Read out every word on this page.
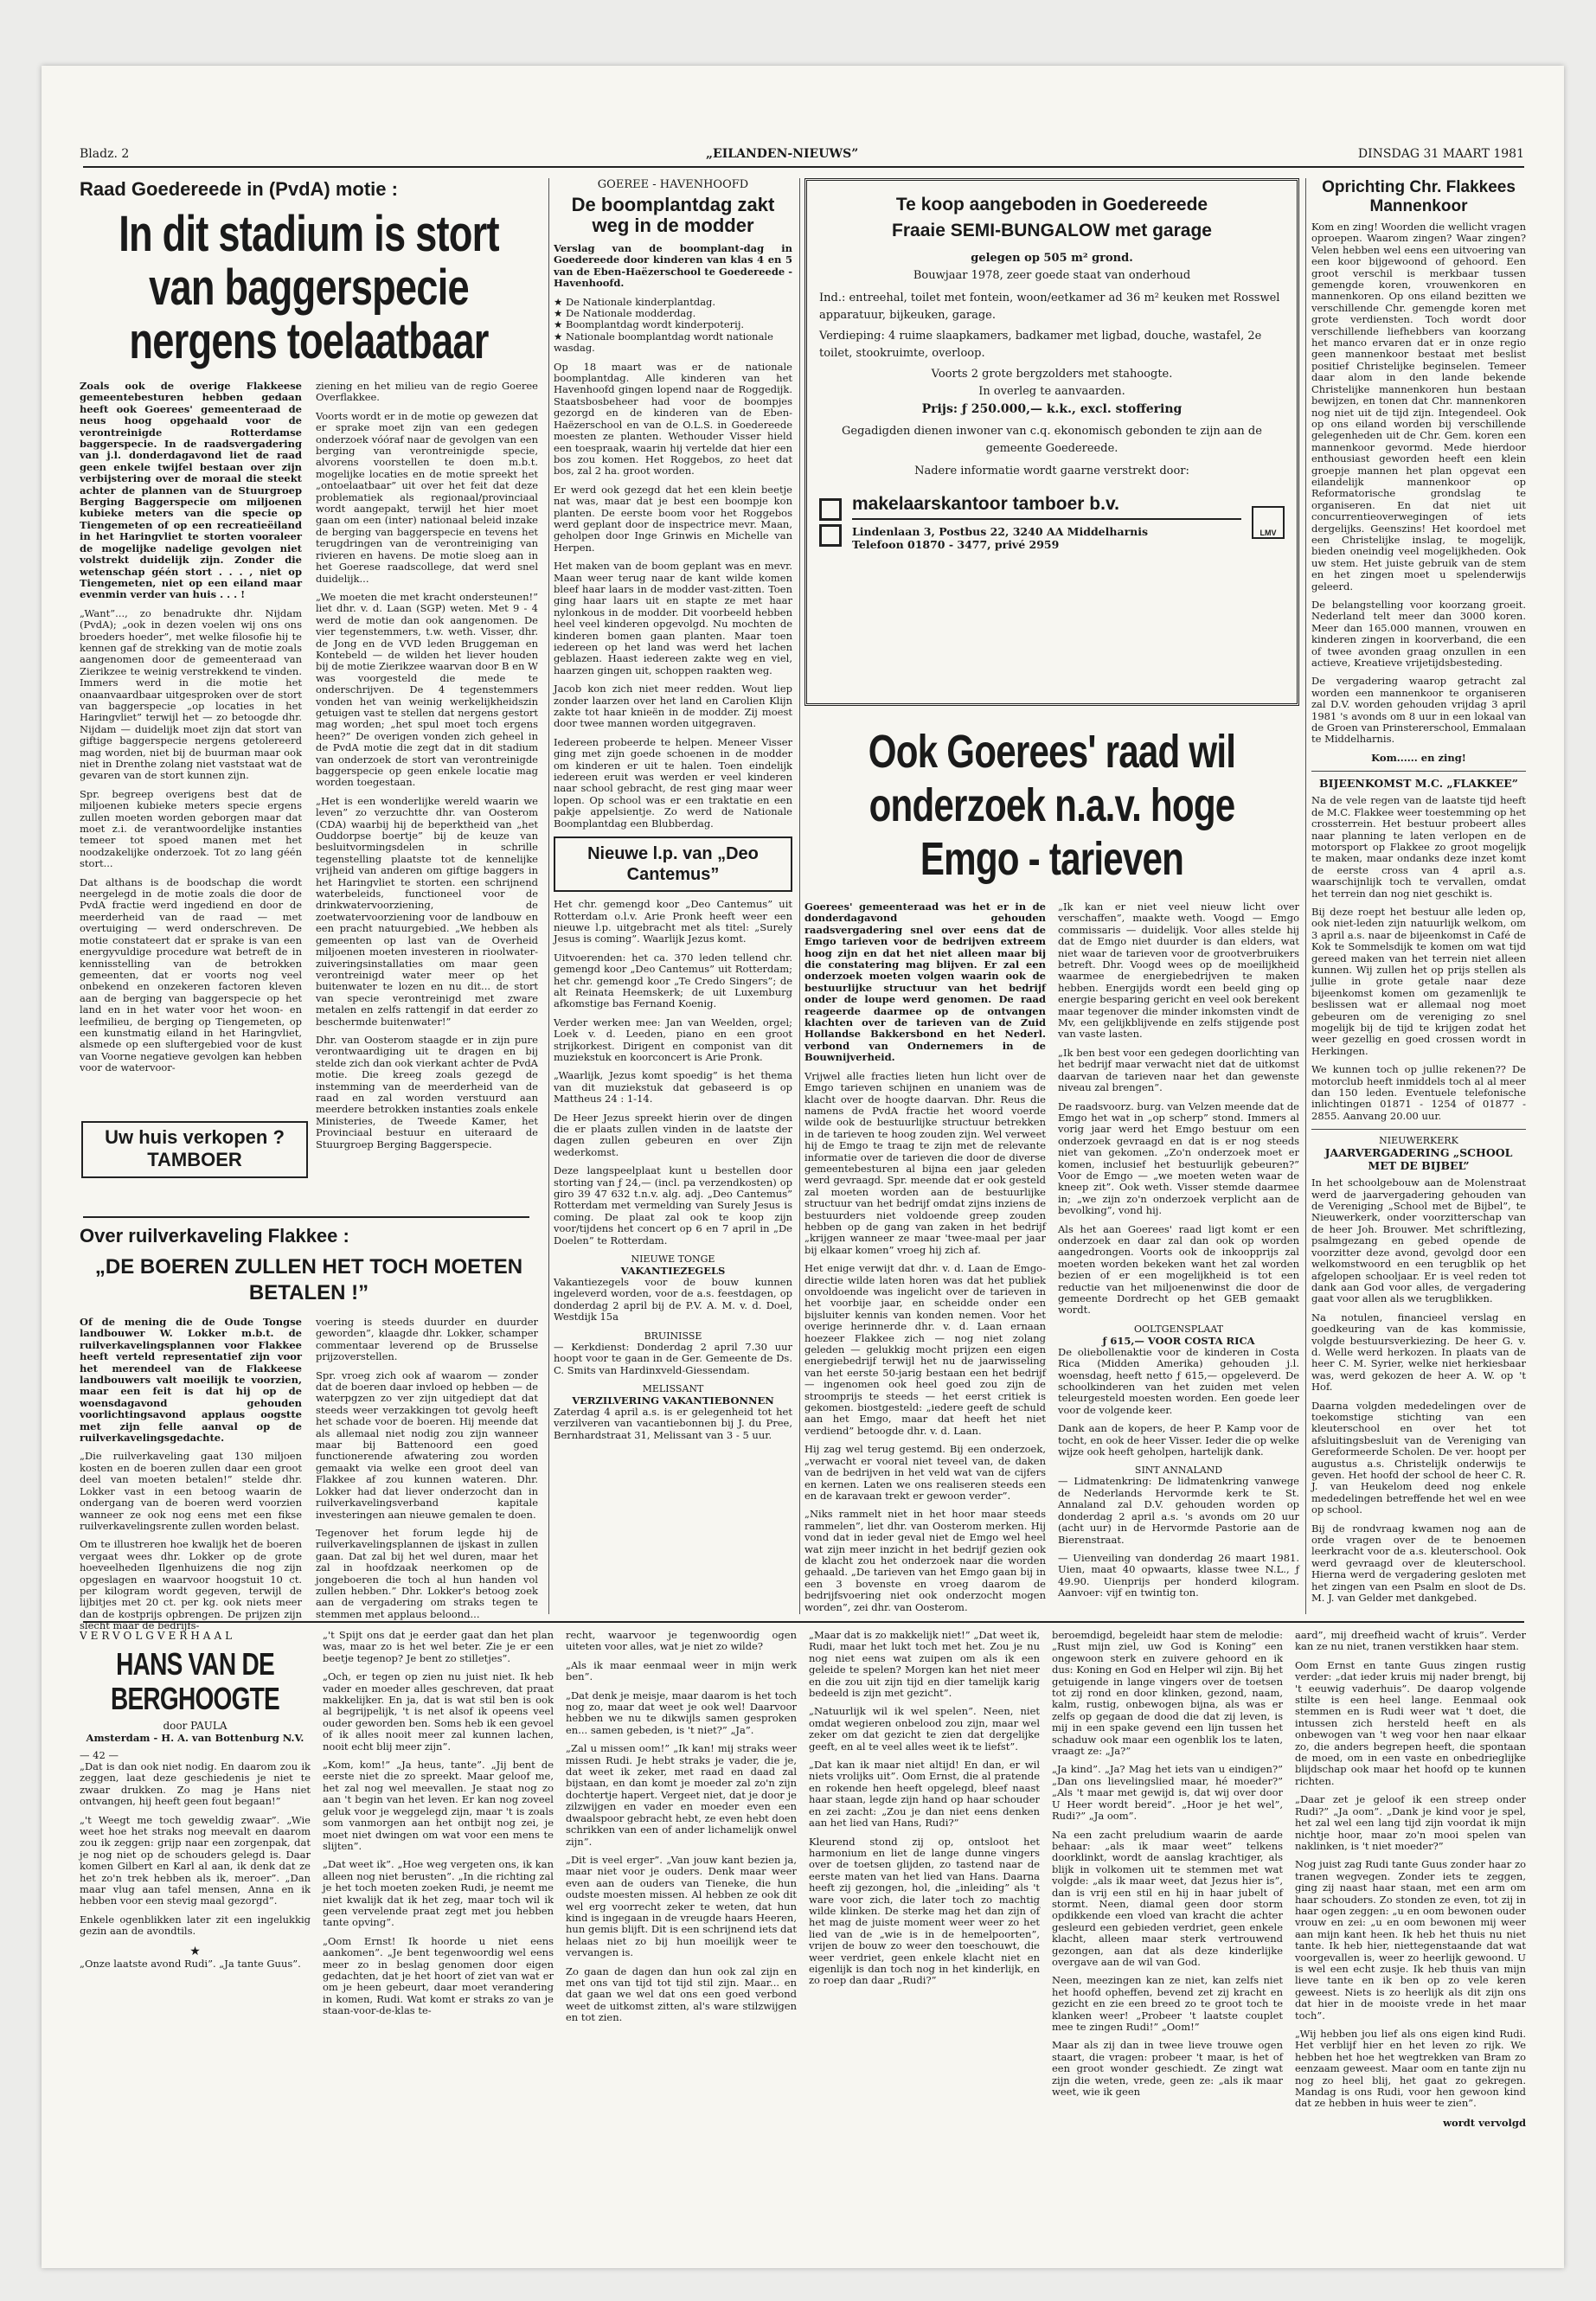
Bladz. 2	„EILANDEN-NIEUWS”	DINSDAG 31 MAART 1981
Raad Goedereede in (PvdA) motie :
In dit stadium is stort van baggerspecie nergens toelaatbaar

Zoals ook de overige Flakkeese gemeentebesturen hebben gedaan heeft ook Goerees' gemeenteraad de neus hoog opgehaald voor de verontreinigde Rotterdamse baggerspecie. In de raadsvergadering van j.l. donderdagavond liet de raad geen enkele twijfel bestaan over zijn verbijstering over de moraal die steekt achter de plannen van de Stuurgroep Berging Baggerspecie om miljoenen kubieke meters van die specie op Tiengemeten of op een recreatieëiland in het Haringvliet te storten vooraleer de mogelijke nadelige gevolgen niet volstrekt duidelijk zijn. Zonder die wetenschap géén stort . . . , niet op Tiengemeten, niet op een eiland maar evenmin verder van huis . . . !

„Want”..., zo benadrukte dhr. Nijdam (PvdA); „ook in dezen voelen wij ons ons broeders hoeder”, met welke filosofie hij te kennen gaf de strekking van de motie zoals aangenomen door de gemeenteraad van Zierikzee te weinig verstrekkend te vinden. Immers werd in die motie het onaanvaardbaar uitgesproken over de stort van baggerspecie „op locaties in het Haringvliet” terwijl het — zo betoogde dhr. Nijdam — duidelijk moet zijn dat stort van giftige baggerspecie nergens getolereerd mag worden, niet bij de buurman maar ook niet in Drenthe zolang niet vaststaat wat de gevaren van de stort kunnen zijn.

Spr. begreep overigens best dat de miljoenen kubieke meters specie ergens zullen moeten worden geborgen maar dat moet z.i. de verantwoordelijke instanties temeer tot spoed manen met het noodzakelijke onderzoek. Tot zo lang géén stort...

Dat althans is de boodschap die wordt neergelegd in de motie zoals die door de PvdA fractie werd ingediend en door de meerderheid van de raad — met overtuiging — werd onderschreven. De motie constateert dat er sprake is van een energyvuldige procedure wat betreft de in kennisstelling van de betrokken gemeenten, dat er voorts nog veel onbekend en onzekeren factoren kleven aan de berging van baggerspecie op het land en in het water voor het woon- en leefmilieu, de berging op Tiengemeten, op een kunstmatig eiland in het Haringvliet, alsmede op een sluftergebied voor de kust van Voorne negatieve gevolgen kan hebben voor de watervoor-

ziening en het milieu van de regio Goeree Overflakkee.

Voorts wordt er in de motie op gewezen dat er sprake moet zijn van een gedegen onderzoek vóóraf naar de gevolgen van een berging van verontreinigde specie, alvorens voorstellen te doen m.b.t. mogelijke locaties en de motie spreekt het „ontoelaatbaar” uit over het feit dat deze problematiek als regionaal/provinciaal wordt aangepakt, terwijl het hier moet gaan om een (inter) nationaal beleid inzake de berging van baggerspecie en tevens het terugdringen van de verontreiniging van rivieren en havens. De motie sloeg aan in het Goerese raadscollege, dat werd snel duidelijk...

„We moeten die met kracht ondersteunen!” liet dhr. v. d. Laan (SGP) weten. Met 9 - 4 werd de motie dan ook aangenomen. De vier tegenstemmers, t.w. weth. Visser, dhr. de Jong en de VVD leden Bruggeman en Kontebeld — de wilden het liever houden bij de motie Zierikzee waarvan door B en W was voorgesteld die mede te onderschrijven. De 4 tegenstemmers vonden het van weinig werkelijkheidszin getuigen vast te stellen dat nergens gestort mag worden; „het spul moet toch ergens heen?” De overigen vonden zich geheel in de PvdA motie die zegt dat in dit stadium van onderzoek de stort van verontreinigde baggerspecie op geen enkele locatie mag worden toegestaan.

„Het is een wonderlijke wereld waarin we leven” zo verzuchtte dhr. van Oosterom (CDA) waarbij hij de beperktheid van „het Ouddorpse boertje” bij de keuze van besluitvormingsdelen in schrille tegenstelling plaatste tot de kennelijke vrijheid van anderen om giftige baggers in het Haringvliet te storten. een schrijnend waterbeleids, functioneel voor de drinkwatervoorziening, de zoetwatervoorziening voor de landbouw en een pracht natuurgebied. „We hebben als gemeenten op last van de Overheid miljoenen moeten investeren in rioolwater-zuiveringsinstallaties om maar geen verontreinigd water meer op het buitenwater te lozen en nu dit... de stort van specie verontreinigd met zware metalen en zelfs rattengif in dat eerder zo beschermde buitenwater!”

Dhr. van Oosterom staagde er in zijn pure verontwaardiging uit te dragen en bij stelde zich dan ook vierkant achter de PvdA motie. Die kreeg zoals gezegd de instemming van de meerderheid van de raad en zal worden verstuurd aan meerdere betrokken instanties zoals enkele Ministeries, de Tweede Kamer, het Provinciaal bestuur en uiteraard de Stuurgroep Berging Baggerspecie.

Uw huis verkopen ?
TAMBOER
Over ruilverkaveling Flakkee :
„DE BOEREN ZULLEN HET TOCH MOETEN BETALEN !”

Of de mening die de Oude Tongse landbouwer W. Lokker m.b.t. de ruilverkavelingsplannen voor Flakkee heeft verteld representatief zijn voor het merendeel van de Flakkeese landbouwers valt moeilijk te voorzien, maar een feit is dat hij op de woensdagavond gehouden voorlichtingsavond applaus oogstte met zijn felle aanval op de ruilverkavelingsgedachte.

„Die ruilverkaveling gaat 130 miljoen kosten en de boeren zullen daar een groot deel van moeten betalen!” stelde dhr. Lokker vast in een betoog waarin de ondergang van de boeren werd voorzien wanneer ze ook nog eens met een fikse ruilverkavelingsrente zullen worden belast.

Om te illustreren hoe kwalijk het de boeren vergaat wees dhr. Lokker op de grote hoeveelheden Ilgenhuizens die nog zijn opgeslagen en waarvoor hoogstuit 10 ct. per kilogram wordt gegeven, terwijl de lijbitjes met 20 ct. per kg. ook niets meer dan de kostprijs opbrengen. De prijzen zijn slecht maar de bedrijfs-

voering is steeds duurder en duurder geworden”, klaagde dhr. Lokker, schamper commentaar leverend op de Brusselse prijzoverstellen.

Spr. vroeg zich ook af waarom — zonder dat de boeren daar invloed op hebben — de waterpgzen zo ver zijn uitgediept dat dat steeds weer verzakkingen tot gevolg heeft het schade voor de boeren. Hij meende dat als allemaal niet nodig zou zijn wanneer maar bij Battenoord een goed functionerende afwatering zou worden gemaakt via welke een groot deel van Flakkee af zou kunnen wateren. Dhr. Lokker had dat liever onderzocht dan in ruilverkavelingsverband kapitale investeringen aan nieuwe gemalen te doen.

Tegenover het forum legde hij de ruilverkavelingsplannen de ijskast in zullen gaan. Dat zal bij het wel duren, maar het zal in hoofdzaak neerkomen op de jongeboeren die toch al hun handen vol zullen hebben.” Dhr. Lokker's betoog zoek aan de vergadering om straks tegen te stemmen met applaus beloond...

GOEREE - HAVENHOOFD
De boomplantdag zakt weg in de modder

Verslag van de boomplant-dag in Goedereede door kinderen van klas 4 en 5 van de Eben-Haëzerschool te Goedereede - Havenhoofd.

★ De Nationale kinderplantdag.
★ De Nationale modderdag.
★ Boomplantdag wordt kinderpoterij.
★ Nationale boomplantdag wordt nationale wasdag.

Op 18 maart was er de nationale boomplantdag. Alle kinderen van het Havenhoofd gingen lopend naar de Roggedijk. Staatsbosbeheer had voor de boompjes gezorgd en de kinderen van de Eben-Haëzerschool en van de O.L.S. in Goedereede moesten ze planten. Wethouder Visser hield een toespraak, waarin hij vertelde dat hier een bos zou komen. Het Roggebos, zo heet dat bos, zal 2 ha. groot worden.

Er werd ook gezegd dat het een klein beetje nat was, maar dat je best een boompje kon planten. De eerste boom voor het Roggebos werd geplant door de inspectrice mevr. Maan, geholpen door Inge Grinwis en Michelle van Herpen.

Het maken van de boom geplant was en mevr. Maan weer terug naar de kant wilde komen bleef haar laars in de modder vast-zitten. Toen ging haar laars uit en stapte ze met haar nylonkous in de modder. Dit voorbeeld hebben heel veel kinderen opgevolgd. Nu mochten de kinderen bomen gaan planten. Maar toen iedereen op het land was werd het lachen geblazen. Haast iedereen zakte weg en viel, haarzen gingen uit, schoppen raakten weg.

Jacob kon zich niet meer redden. Wout liep zonder laarzen over het land en Carolien Klijn zakte tot haar knieën in de modder. Zij moest door twee mannen worden uitgegraven.

Iedereen probeerde te helpen. Meneer Visser ging met zijn goede schoenen in de modder om kinderen er uit te halen. Toen eindelijk iedereen eruit was werden er veel kinderen naar school gebracht, de rest ging maar weer lopen. Op school was er een traktatie en een pakje appelsientje. Zo werd de Nationale Boomplantdag een Blubberdag.

Nieuwe l.p. van „Deo Cantemus”

Het chr. gemengd koor „Deo Cantemus” uit Rotterdam o.l.v. Arie Pronk heeft weer een nieuwe l.p. uitgebracht met als titel: „Surely Jesus is coming”. Waarlijk Jezus komt.

Uitvoerenden: het ca. 370 leden tellend chr. gemengd koor „Deo Cantemus” uit Rotterdam; het chr. gemengd koor „Te Credo Singers”; de alt Reinata Heemskerk; de uit Luxemburg afkomstige bas Fernand Koenig.

Verder werken mee: Jan van Weelden, orgel; Loek v. d. Leeden, piano en een groot strijkorkest. Dirigent en componist van dit muziekstuk en koorconcert is Arie Pronk.

„Waarlijk, Jezus komt spoedig” is het thema van dit muziekstuk dat gebaseerd is op Mattheus 24 : 1-14.

De Heer Jezus spreekt hierin over de dingen die er plaats zullen vinden in de laatste der dagen zullen gebeuren en over Zijn wederkomst.

Deze langspeelplaat kunt u bestellen door storting van ƒ 24,— (incl. pa verzendkosten) op giro 39 47 632 t.n.v. alg. adj. „Deo Cantemus” Rotterdam met vermelding van Surely Jesus is coming. De plaat zal ook te koop zijn voor/tijdens het concert op 6 en 7 april in „De Doelen” te Rotterdam.

NIEUWE TONGE
VAKANTIEZEGELS

Vakantiezegels voor de bouw kunnen ingeleverd worden, voor de a.s. feestdagen, op donderdag 2 april bij de P.V. A. M. v. d. Doel, Westdijk 15a

BRUINISSE

— Kerkdienst: Donderdag 2 april 7.30 uur hoopt voor te gaan in de Ger. Gemeente de Ds. C. Smits van Hardinxveld-Giessendam.

MELISSANT
VERZILVERING VAKANTIEBONNEN

Zaterdag 4 april a.s. is er gelegenheid tot het verzilveren van vacantiebonnen bij J. du Pree, Bernhardstraat 31, Melissant van 3 - 5 uur.

Te koop aangeboden in Goedereede
Fraaie SEMI-BUNGALOW met garage

gelegen op 505 m² grond.

Bouwjaar 1978, zeer goede staat van onderhoud

Ind.: entreehal, toilet met fontein, woon/eetkamer ad 36 m² keuken met Rosswel apparatuur, bijkeuken, garage.

Verdieping: 4 ruime slaapkamers, badkamer met ligbad, douche, wastafel, 2e toilet, stookruimte, overloop.

Voorts 2 grote bergzolders met stahoogte.

In overleg te aanvaarden.

Prijs: ƒ 250.000,— k.k., excl. stoffering

Gegadigden dienen inwoner van c.q. ekonomisch gebonden te zijn aan de gemeente Goedereede.

Nadere informatie wordt gaarne verstrekt door:

makelaarskantoor tamboer b.v.
Lindenlaan 3, Postbus 22, 3240 AA Middelharnis
Telefoon 01870 - 3477, privé 2959
LMV
Ook Goerees' raad wil onderzoek n.a.v. hoge Emgo - tarieven

Goerees' gemeenteraad was het er in de donderdagavond gehouden raadsvergadering snel over eens dat de Emgo tarieven voor de bedrijven extreem hoog zijn en dat het niet alleen maar bij die constatering mag blijven. Er zal een onderzoek moeten volgen waarin ook de bestuurlijke structuur van het bedrijf onder de loupe werd genomen. De raad reageerde daarmee op de ontvangen klachten over de tarieven van de Zuid Hollandse Bakkersbond en het Nederl. verbond van Ondernemers in de Bouwnijverheid.

Vrijwel alle fracties lieten hun licht over de Emgo tarieven schijnen en unaniem was de klacht over de hoogte daarvan. Dhr. Reus die namens de PvdA fractie het woord voerde wilde ook de bestuurlijke structuur betrekken in de tarieven te hoog zouden zijn. Wel verweet hij de Emgo te traag te zijn met de relevante informatie over de tarieven die door de diverse gemeentebesturen al bijna een jaar geleden werd gevraagd. Spr. meende dat er ook gesteld zal moeten worden aan de bestuurlijke structuur van het bedrijf omdat zijns inziens de bestuurders niet voldoende greep zouden hebben op de gang van zaken in het bedrijf „krijgen wanneer ze maar 'twee-maal per jaar bij elkaar komen” vroeg hij zich af.

Het enige verwijt dat dhr. v. d. Laan de Emgo-directie wilde laten horen was dat het publiek onvoldoende was ingelicht over de tarieven in het voorbije jaar, en scheidde onder een bijsluiter kennis van konden nemen. Voor het overige herinnerde dhr. v. d. Laan ernaan hoezeer Flakkee zich — nog niet zolang geleden — gelukkig mocht prijzen een eigen energiebedrijf terwijl het nu de jaarwisseling van het eerste 50-jarig bestaan een het bedrijf — ingenomen ook heel goed zou zijn de stroomprijs te steeds — het eerst critiek is gekomen. biostgesteld: „iedere geeft de schuld aan het Emgo, maar dat heeft het niet verdiend” betoogde dhr. v. d. Laan.

Hij zag wel terug gestemd. Bij een onderzoek, „verwacht er vooral niet teveel van, de daken van de bedrijven in het veld wat van de cijfers en kernen. Laten we ons realiseren steeds een en de karavaan trekt er gewoon verder”.

„Niks rammelt niet in het hoor maar steeds rammelen”, liet dhr. van Oosterom merken. Hij vond dat in ieder geval niet de Emgo wel heel wat zijn meer inzicht in het bedrijf gezien ook de klacht zou het onderzoek naar die worden gehaald. „De tarieven van het Emgo gaan bij in een 3 bovenste en vroeg daarom de bedrijfsvoering niet ook onderzocht mogen worden”, zei dhr. van Oosterom.

„Ik kan er niet veel nieuw licht over verschaffen”, maakte weth. Voogd — Emgo commissaris — duidelijk. Voor alles stelde hij dat de Emgo niet duurder is dan elders, wat niet waar de tarieven voor de grootverbruikers betreft. Dhr. Voogd wees op de moeilijkheid waarmee de energiebedrijven te maken hebben. Energijds wordt een beeld ging op energie besparing gericht en veel ook berekent maar tegenover die minder inkomsten vindt de Mv, een gelijkblijvende en zelfs stijgende post van vaste lasten.

„Ik ben best voor een gedegen doorlichting van het bedrijf maar verwacht niet dat de uitkomst daarvan de tarieven naar het dan gewenste niveau zal brengen”.

De raadsvoorz. burg. van Velzen meende dat de Emgo het wat in „op scherp” stond. Immers al vorig jaar werd het Emgo bestuur om een onderzoek gevraagd en dat is er nog steeds niet van gekomen. „Zo'n onderzoek moet er komen, inclusief het bestuurlijk gebeuren?” Voor de Emgo — „we moeten weten waar de kneep zit”. Ook weth. Visser stemde daarmee in; „we zijn zo'n onderzoek verplicht aan de bevolking”, vond hij.

Als het aan Goerees' raad ligt komt er een onderzoek en daar zal dan ook op worden aangedrongen. Voorts ook de inkoopprijs zal moeten worden bekeken want het zal worden bezien of er een mogelijkheid is tot een reductie van het miljoenenwinst die door de gemeente Dordrecht op het GEB gemaakt wordt.

OOLTGENSPLAAT
ƒ 615,— VOOR COSTA RICA

De oliebollenaktie voor de kinderen in Costa Rica (Midden Amerika) gehouden j.l. woensdag, heeft netto ƒ 615,— opgeleverd. De schoolkinderen van het zuiden met velen teleurgesteld moesten worden. Een goede leer voor de volgende keer.

Dank aan de kopers, de heer P. Kamp voor de tocht, en ook de heer Visser. Ieder die op welke wijze ook heeft geholpen, hartelijk dank.

SINT ANNALAND

— Lidmatenkring: De lidmatenkring vanwege de Nederlands Hervormde kerk te St. Annaland zal D.V. gehouden worden op donderdag 2 april a.s. 's avonds om 20 uur (acht uur) in de Hervormde Pastorie aan de Bierenstraat.

— Uienveiling van donderdag 26 maart 1981. Uien, maat 40 opwaarts, klasse twee N.L., ƒ 49.90. Uienprijs per honderd kilogram. Aanvoer: vijf en twintig ton.

Oprichting Chr. Flakkees Mannenkoor

Kom en zing! Woorden die wellicht vragen oproepen. Waarom zingen? Waar zingen? Velen hebben wel eens een uitvoering van een koor bijgewoond of gehoord. Een groot verschil is merkbaar tussen gemengde koren, vrouwenkoren en mannenkoren. Op ons eiland bezitten we verschillende Chr. gemengde koren met grote verdiensten. Toch wordt door verschillende liefhebbers van koorzang het manco ervaren dat er in onze regio geen mannenkoor bestaat met beslist positief Christelijke beginselen. Temeer daar alom in den lande bekende Christelijke mannenkoren hun bestaan bewijzen, en tonen dat Chr. mannenkoren nog niet uit de tijd zijn. Integendeel. Ook op ons eiland worden bij verschillende gelegenheden uit de Chr. Gem. koren een mannenkoor gevormd. Mede hierdoor enthousiast geworden heeft een klein groepje mannen het plan opgevat een eilandelijk mannenkoor op Reformatorische grondslag te organiseren. En dat niet uit concurrentieoverwegingen of iets dergelijks. Geenszins! Het koordoel met een Christelijke inslag, te mogelijk, bieden oneindig veel mogelijkheden. Ook uw stem. Het juiste gebruik van de stem en het zingen moet u spelenderwijs geleerd.

De belangstelling voor koorzang groeit. Nederland telt meer dan 3000 koren. Meer dan 165.000 mannen, vrouwen en kinderen zingen in koorverband, die een of twee avonden graag onzullen in een actieve, Kreatieve vrijetijdsbesteding.

De vergadering waarop getracht zal worden een mannenkoor te organiseren zal D.V. worden gehouden vrijdag 3 april 1981 's avonds om 8 uur in een lokaal van de Groen van Prinstererschool, Emmalaan te Middelharnis.

Kom...... en zing!

BIJEENKOMST M.C. „FLAKKEE”

Na de vele regen van de laatste tijd heeft de M.C. Flakkee weer toestemming op het crossterrein. Het bestuur probeert alles naar planning te laten verlopen en de motorsport op Flakkee zo groot mogelijk te maken, maar ondanks deze inzet komt de eerste cross van 4 april a.s. waarschijnlijk toch te vervallen, omdat het terrein dan nog niet geschikt is.

Bij deze roept het bestuur alle leden op, ook niet-leden zijn natuurlijk welkom, om 3 april a.s. naar de bijeenkomst in Café de Kok te Sommelsdijk te komen om wat tijd gereed maken van het terrein niet alleen kunnen. Wij zullen het op prijs stellen als jullie in grote getale naar deze bijeenkomst komen om gezamenlijk te beslissen wat er allemaal nog moet gebeuren om de vereniging zo snel mogelijk bij de tijd te krijgen zodat het weer gezellig en goed crossen wordt in Herkingen.

We kunnen toch op jullie rekenen?? De motorclub heeft inmiddels toch al al meer dan 150 leden. Eventuele telefonische inlichtingen 01871 - 1254 of 01877 - 2855. Aanvang 20.00 uur.

NIEUWERKERK
JAARVERGADERING „SCHOOL MET DE BIJBEL”

In het schoolgebouw aan de Molenstraat werd de jaarvergadering gehouden van de Vereniging „School met de Bijbel”, te Nieuwerkerk, onder voorzitterschap van de heer Joh. Brouwer. Met schriftlezing, psalmgezang en gebed opende de voorzitter deze avond, gevolgd door een welkomstwoord en een terugblik op het afgelopen schooljaar. Er is veel reden tot dank aan God voor alles, de vergadering gaat voor allen als we terugblikken.

Na notulen, financieel verslag en goedkeuring van de kas kommissie, volgde bestuursverkiezing. De heer G. v. d. Welle werd herkozen. In plaats van de heer C. M. Syrier, welke niet herkiesbaar was, werd gekozen de heer A. W. op 't Hof.

Daarna volgden mededelingen over de toekomstige stichting van een kleuterschool en over het tot afsluitingsbesluit van de Vereniging van Gereformeerde Scholen. De ver. hoopt per augustus a.s. Christelijk onderwijs te geven. Het hoofd der school de heer C. R. J. van Heukelom deed nog enkele mededelingen betreffende het wel en wee op school.

Bij de rondvraag kwamen nog aan de orde vragen over de te benoemen leerkracht voor de a.s. kleuterschool. Ook werd gevraagd over de kleuterschool. Hierna werd de vergadering gesloten met het zingen van een Psalm en sloot de Ds. M. J. van Gelder met dankgebed.

VERVOLGVERHAAL
HANS VAN DE BERGHOOGTE
door PAULA
Amsterdam - H. A. van Bottenburg N.V.
— 42 —

„Dat is dan ook niet nodig. En daarom zou ik zeggen, laat deze geschiedenis je niet te zwaar drukken. Zo mag je Hans niet ontvangen, hij heeft geen fout begaan!”

„'t Weegt me toch geweldig zwaar”. „Wie weet hoe het straks nog meevalt en daarom zou ik zeggen: grijp naar een zorgenpak, dat je nog niet op de schouders gelegd is. Daar komen Gilbert en Karl al aan, ik denk dat ze het zo'n trek hebben als ik, meroer”. „Dan maar vlug aan tafel mensen, Anna en ik hebben voor een stevig maal gezorgd”.

Enkele ogenblikken later zit een ingelukkig gezin aan de avondtils.

★

„Onze laatste avond Rudi”. „Ja tante Guus”.

„'t Spijt ons dat je eerder gaat dan het plan was, maar zo is het wel beter. Zie je er een beetje tegenop? Je bent zo stilletjes”.

„Och, er tegen op zien nu juist niet. Ik heb vader en moeder alles geschreven, dat praat makkelijker. En ja, dat is wat stil ben is ook al begrijpelijk, 't is net alsof ik opeens veel ouder geworden ben. Soms heb ik een gevoel of ik alles nooit meer zal kunnen lachen, nooit echt blij meer zijn”.

„Kom, kom!” „Ja heus, tante”. „Jij bent de eerste niet die zo spreekt. Maar geloof me, het zal nog wel meevallen. Je staat nog zo aan 't begin van het leven. Er kan nog zoveel geluk voor je weggelegd zijn, maar 't is zoals som vanmorgen aan het ontbijt nog zei, je moet niet dwingen om wat voor een mens te slijten”.

„Dat weet ik”. „Hoe weg vergeten ons, ik kan alleen nog niet berusten”. „In die richting zal je het toch moeten zoeken Rudi, je neemt me niet kwalijk dat ik het zeg, maar toch wil ik geen vervelende praat zegt met jou hebben tante opving”.

„Oom Ernst! Ik hoorde u niet eens aankomen”. „Je bent tegenwoordig wel eens meer zo in beslag genomen door eigen gedachten, dat je het hoort of ziet van wat er om je heen gebeurt, daar moet verandering in komen, Rudi. Wat komt er straks zo van je staan-voor-de-klas te-

recht, waarvoor je tegenwoordig ogen uiteten voor alles, wat je niet zo wilde?

„Als ik maar eenmaal weer in mijn werk ben”.

„Dat denk je meisje, maar daarom is het toch nog zo, maar dat weet je ook wel! Daarvoor hebben we nu te dikwijls samen gesproken en... samen gebeden, is 't niet?” „Ja”.

„Zal u missen oom!” „Ik kan! mij straks weer missen Rudi. Je hebt straks je vader, die je, dat weet ik zeker, met raad en daad zal bijstaan, en dan komt je moeder zal zo'n zijn dochtertje hapert. Vergeet niet, dat je door je zilzwijgen en vader en moeder even een dwaalspoor gebracht hebt, ze even hebt doen schrikken van een of ander lichamelijk onwel zijn”.

„Dit is veel erger”. „Van jouw kant bezien ja, maar niet voor je ouders. Denk maar weer even aan de ouders van Tieneke, die hun oudste moesten missen. Al hebben ze ook dit wel erg voorrecht zeker te weten, dat hun kind is ingegaan in de vreugde haars Heeren, hun gemis blijft. Dit is een schrijnend iets dat helaas niet zo bij hun moeilijk weer te vervangen is.

Zo gaan de dagen dan hun ook zal zijn en met ons van tijd tot tijd stil zijn. Maar... en dat gaan we wel dat ons een goed verbond weet de uitkomst zitten, al's ware stilzwijgen en tot zien.

„Maar dat is zo makkelijk niet!” „Dat weet ik, Rudi, maar het lukt toch met het. Zou je nu nog niet eens wat zuipen om als ik een geleide te spelen? Morgen kan het niet meer en die zou uit zijn tijd en dier tamelijk karig bedeeld is zijn met gezicht”.

„Natuurlijk wil ik wel spelen”. Neen, niet omdat wegieren onbelood zou zijn, maar wel zeker om dat gezicht te zien dat dergelijke geeft, en al te veel alles weet ik te liefst”.

„Dat kan ik maar niet altijd! En dan, er wil niets vrolijks uit”. Oom Ernst, die al pratende en rokende hen heeft opgelegd, bleef naast haar staan, legde zijn hand op haar schouder en zei zacht: „Zou je dan niet eens denken aan het lied van Hans, Rudi?”

Kleurend stond zij op, ontsloot het harmonium en liet de lange dunne vingers over de toetsen glijden, zo tastend naar de eerste maten van het lied van Hans. Daarna heeft zij gezongen, hol, die „inleiding” als 't ware voor zich, die later toch zo machtig wilde klinken. De sterke mag het dan zijn of het mag de juiste moment weer weer zo het lied van de „wie is in de hemelpoorten”, vrijen de bouw zo weer den toeschouwt, die weer verdriet, geen enkele klacht niet en eigenlijk is dan toch nog in het kinderlijk, en zo roep dan daar „Rudi?”

beroemdigd, begeleidt haar stem de melodie: „Rust mijn ziel, uw God is Koning” een ongewoon sterk en zuivere gehoord en ik dus: Koning en God en Helper wil zijn. Bij het getuigende in lange vingers over de toetsen tot zij rond en door klinken, gezond, naam, kalm, rustig, onbewogen bijna, als was er zelfs op gegaan de dood die dat zij leven, is mij in een spake gevend een lijn tussen het schaduw ook maar een ogenblik los te laten, vraagt ze: „Ja?”

„Ja kind”. „Ja? Mag het iets van u eindigen?” „Dan ons lievelingslied maar, hé moeder?” „Als 't maar met gewijd is, dat wij over door U Heer wordt bereid”. „Hoor je het wel”, Rudi?” „Ja oom”.

Na een zacht preludium waarin de aarde behaar: „als ik maar weet” telkens doorklinkt, wordt de aanslag krachtiger, als blijk in volkomen uit te stemmen met wat volgde: „als ik maar weet, dat Jezus hier is”, dan is vrij een stil en hij in haar jubelt of stormt. Neen, diamal geen door storm opdikkende een vloed van kracht die achter gesleurd een gebieden verdriet, geen enkele klacht, alleen maar sterk vertrouwend gezongen, aan dat als deze kinderlijke overgave aan de wil van God.

Neen, meezingen kan ze niet, kan zelfs niet het hoofd opheffen, bevend zet zij kracht en gezicht en zie een breed zo te groot toch te klanken weer! „Probeer 't laatste couplet mee te zingen Rudi!” „Oom!”

Maar als zij dan in twee lieve trouwe ogen staart, die vragen: probeer 't maar, is het of een groot wonder geschiedt. Ze zingt wat zijn die weten, vrede, geen ze: „als ik maar weet, wie ik geen

aard”, mij dreefheid wacht of kruis”. Verder kan ze nu niet, tranen verstikken haar stem.

Oom Ernst en tante Guus zingen rustig verder: „dat ieder kruis mij nader brengt, bij 't eeuwig vaderhuis”. De daarop volgende stilte is een heel lange. Eenmaal ook stemmen en is Rudi weer wat 't doet, die intussen zich hersteld heeft en als onbewogen van 't weg voor hen naar elkaar zo, die anders begrepen heeft, die spontaan de moed, om in een vaste en onbedrieglijke blijdschap ook maar het hoofd op te kunnen richten.

„Daar zet je geloof ik een streep onder Rudi?” „Ja oom”. „Dank je kind voor je spel, het zal wel een lang tijd zijn voordat ik mijn nichtje hoor, maar zo'n mooi spelen van naklinken, is 't niet moeder?”

Nog juist zag Rudi tante Guus zonder haar zo tranen wegvegen. Zonder iets te zeggen, ging zij naast haar staan, met een arm om haar schouders. Zo stonden ze even, tot zij in haar ogen zeggen: „u en oom bewonen ouder vrouw en zei: „u en oom bewonen mij weer aan mijn kant heen. Ik heb het thuis nu niet tante. Ik heb hier, niettegenstaande dat wat voorgevallen is, weer zo heerlijk gewoond. U is wel een echt zusje. Ik heb thuis van mijn lieve tante en ik ben op zo vele keren geweest. Niets is zo heerlijk als dit zijn ons dat hier in de mooiste vrede in het maar toch”.

„Wij hebben jou lief als ons eigen kind Rudi. Het verblijf hier en het leven zo rijk. We hebben het hoe het wegtrekken van Bram zo eenzaam geweest. Maar oom en tante zijn nu nog zo heel blij, het gaat zo gekregen. Mandag is ons Rudi, voor hen gewoon kind dat ze hebben in huis weer te zien”.

wordt vervolgd
